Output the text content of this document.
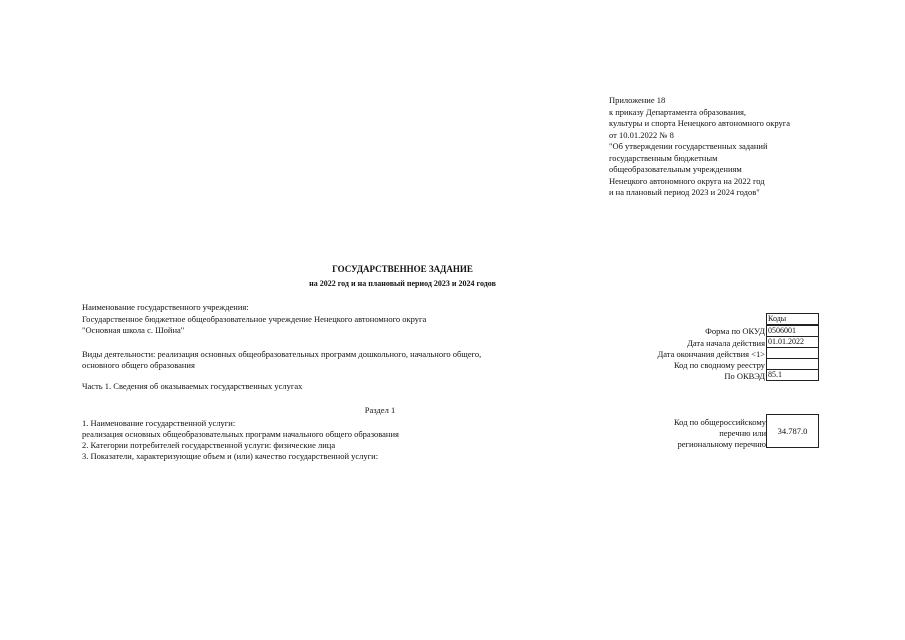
Приложение 18
к приказу Департамента образования,
культуры и спорта Ненецкого автономного округа
от 10.01.2022 № 8
"Об утверждении государственных заданий
государственным бюджетным
общеобразовательным учреждениям
Ненецкого автономного округа на 2022 год
и на плановый период 2023 и 2024 годов"
ГОСУДАРСТВЕННОЕ ЗАДАНИЕ
на 2022 год и на плановый период 2023 и 2024 годов
Наименование государственного учреждения:
Государственное бюджетное общеобразовательное учреждение Ненецкого автономного округа
"Основная школа с. Шойна"
Виды деятельности: реализация основных общеобразовательных программ дошкольного, начального общего,
основного общего образования
Коды
Форма по ОКУД 0506001
Дата начала действия 01.01.2022
Дата окончания действия <1>
Код по сводному реестру
По ОКВЭД 85.1
Часть 1. Сведения об оказываемых государственных услугах
Раздел 1
1. Наименование государственной услуги:
реализация основных общеобразовательных программ начального общего образования
2. Категории потребителей государственной услуги: физические лица
3. Показатели, характеризующие объем и (или) качество государственной услуги:
Код по общероссийскому
перечню или
региональному перечню
34.787.0
